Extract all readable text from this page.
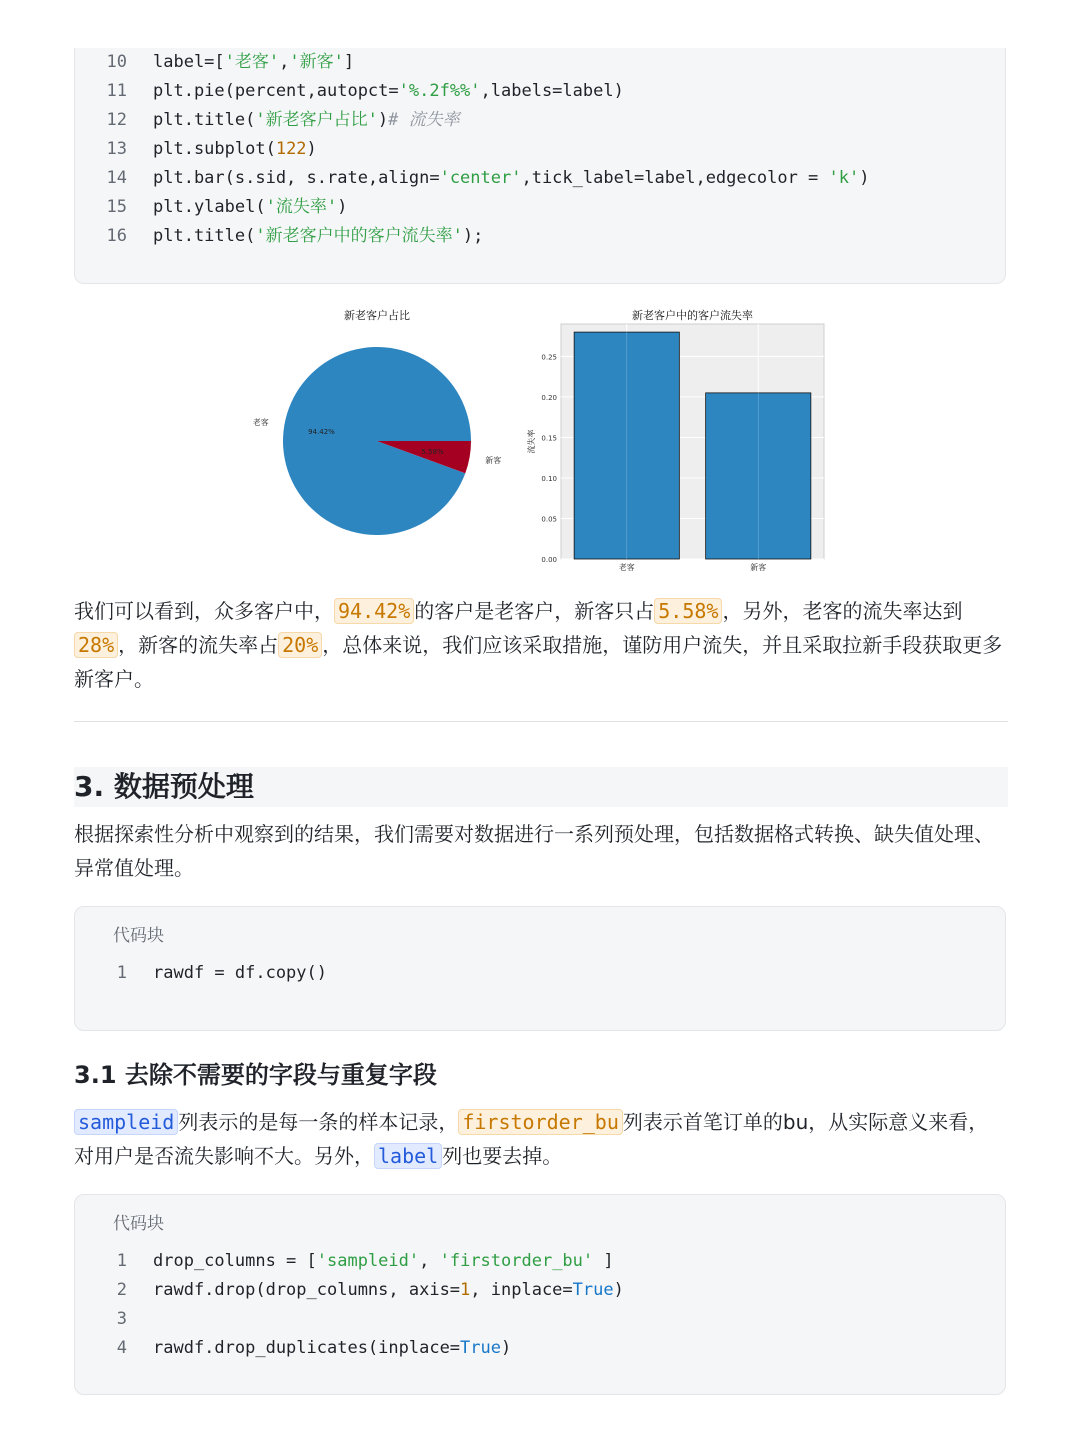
10 label=['老客','新客']
11 plt.pie(percent,autopct='%.2f%%',labels=label)
12 plt.title('新老客户占比')# 流失率
13 plt.subplot(122)
14 plt.bar(s.sid, s.rate,align='center',tick_label=label,edgecolor = 'k')
15 plt.ylabel('流失率')
16 plt.title('新老客户中的客户流失率');
新老客户占比
94.42%
老客
5.58%
新客
新老客户中的客户流失率
0.00
0.05
0.10
0.15
0.20
0.25
老客	新客
流失率
我们可以看到，众多客户中， 94.42% 的客户是老客户，新客只占 5.58% ，另外，老客的流失率达到28% ，新客的流失率占 20% ，总体来说，我们应该采取措施，谨防用户流失，并且采取拉新手段获取更多新客户。
3. 数据预处理
根据探索性分析中观察到的结果，我们需要对数据进行一系列预处理，包括数据格式转换、缺失值处理、异常值处理。
代码块
1 rawdf = df.copy()
3.1 去除不需要的字段与重复字段
sampleid 列表示的是每一条的样本记录， firstorder_bu 列表示首笔订单的bu，从实际意义来看，对用户是否流失影响不大。另外， label 列也要去掉。
代码块
1 drop_columns = ['sampleid', 'firstorder_bu' ]
2 rawdf.drop(drop_columns, axis=1, inplace=True)
3
4 rawdf.drop_duplicates(inplace=True)
